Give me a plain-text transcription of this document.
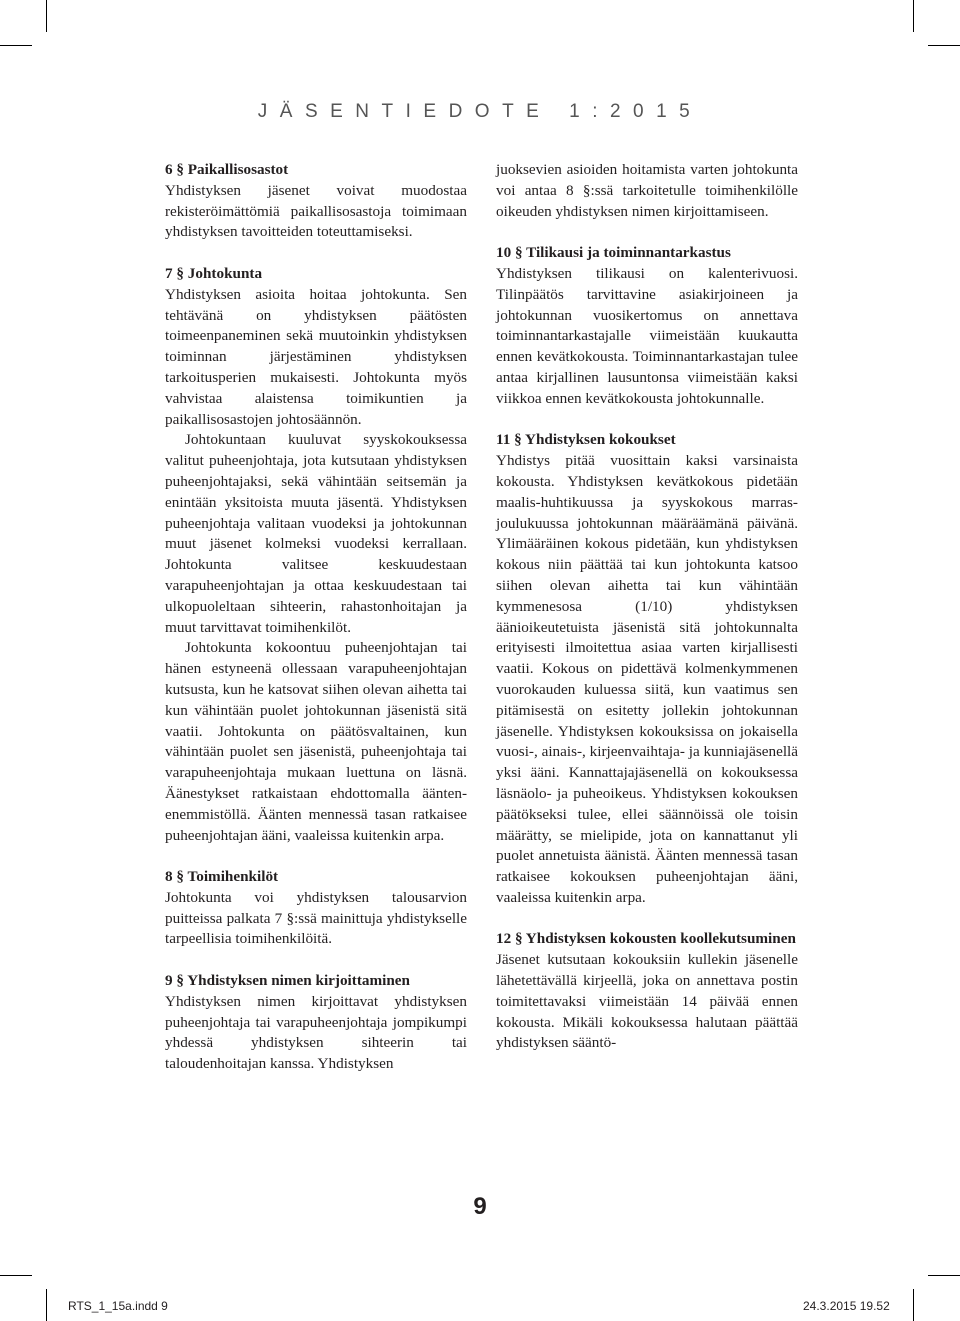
JÄSENTIEDOTE 1:2015
6 § Paikallisosastot

Yhdistyksen jäsenet voivat muodostaa rekisteröimättömiä paikallisosastoja toimimaan yhdistyksen tavoitteiden toteuttamiseksi.

7 § Johtokunta

Yhdistyksen asioita hoitaa johtokunta. Sen tehtävänä on yhdistyksen päätösten toimeenpaneminen sekä muutoinkin yhdistyksen toiminnan järjestäminen yhdistyksen tarkoitusperien mukaisesti. Johtokunta myös vahvistaa alaistensa toimikuntien ja paikallisosastojen johtosäännön.

Johtokuntaan kuuluvat syyskokouksessa valitut puheenjohtaja, jota kutsutaan yhdistyksen puheenjohtajaksi, sekä vähintään seitsemän ja enintään yksitoista muuta jäsentä. Yhdistyksen puheenjohtaja valitaan vuodeksi ja johtokunnan muut jäsenet kolmeksi vuodeksi kerrallaan. Johtokunta valitsee keskuudestaan varapuheenjohtajan ja ottaa keskuudestaan tai ulkopuoleltaan sihteerin, rahastonhoitajan ja muut tarvittavat toimihenkilöt.

Johtokunta kokoontuu puheenjohtajan tai hänen estyneenä ollessaan varapuheenjohtajan kutsusta, kun he katsovat siihen olevan aihetta tai kun vähintään puolet johtokunnan jäsenistä sitä vaatii. Johtokunta on päätösvaltainen, kun vähintään puolet sen jäsenistä, puheenjohtaja tai varapuheenjohtaja mukaan luettuna on läsnä. Äänestykset ratkaistaan ehdottomalla ääntenenemmistöllä. Äänten mennessä tasan ratkaisee puheenjohtajan ääni, vaaleissa kuitenkin arpa.

8 § Toimihenkilöt

Johtokunta voi yhdistyksen talousarvion puitteissa palkata 7 §:ssä mainittuja yhdistykselle tarpeellisia toimihenkilöitä.

9 § Yhdistyksen nimen kirjoittaminen

Yhdistyksen nimen kirjoittavat yhdistyksen puheenjohtaja tai varapuheenjohtaja jompikumpi yhdessä yhdistyksen sihteerin tai taloudenhoitajan kanssa. Yhdistyksen

juoksevien asioiden hoitamista varten johtokunta voi antaa 8 §:ssä tarkoitetulle toimihenkilölle oikeuden yhdistyksen nimen kirjoittamiseen.

10 § Tilikausi ja toiminnantarkastus

Yhdistyksen tilikausi on kalenterivuosi. Tilinpäätös tarvittavine asiakirjoineen ja johtokunnan vuosikertomus on annettava toiminnantarkastajalle viimeistään kuukautta ennen kevätkokousta. Toiminnantarkastajan tulee antaa kirjallinen lausuntonsa viimeistään kaksi viikkoa ennen kevätkokousta johtokunnalle.

11 § Yhdistyksen kokoukset

Yhdistys pitää vuosittain kaksi varsinaista kokousta. Yhdistyksen kevätkokous pidetään maalis-huhtikuussa ja syyskokous marras-joulukuussa johtokunnan määräämänä päivänä. Ylimääräinen kokous pidetään, kun yhdistyksen kokous niin päättää tai kun johtokunta katsoo siihen olevan aihetta tai kun vähintään kymmenesosa (1/10) yhdistyksen äänioikeutetuista jäsenistä sitä johtokunnalta erityisesti ilmoitettua asiaa varten kirjallisesti vaatii. Kokous on pidettävä kolmenkymmenen vuorokauden kuluessa siitä, kun vaatimus sen pitämisestä on esitetty jollekin johtokunnan jäsenelle. Yhdistyksen kokouksissa on jokaisella vuosi-, ainais-, kirjeenvaihtaja- ja kunniajäsenellä yksi ääni. Kannattajajäsenellä on kokouksessa läsnäolo- ja puheoikeus. Yhdistyksen kokouksen päätökseksi tulee, ellei säännöissä ole toisin määrätty, se mielipide, jota on kannattanut yli puolet annetuista äänistä. Äänten mennessä tasan ratkaisee kokouksen puheenjohtajan ääni, vaaleissa kuitenkin arpa.

12 § Yhdistyksen kokousten koollekutsuminen

Jäsenet kutsutaan kokouksiin kullekin jäsenelle lähetettävällä kirjeellä, joka on annettava postin toimitettavaksi viimeistään 14 päivää ennen kokousta. Mikäli kokouksessa halutaan päättää yhdistyksen sääntö-

9
RTS_1_15a.indd 9	24.3.2015 19.52
